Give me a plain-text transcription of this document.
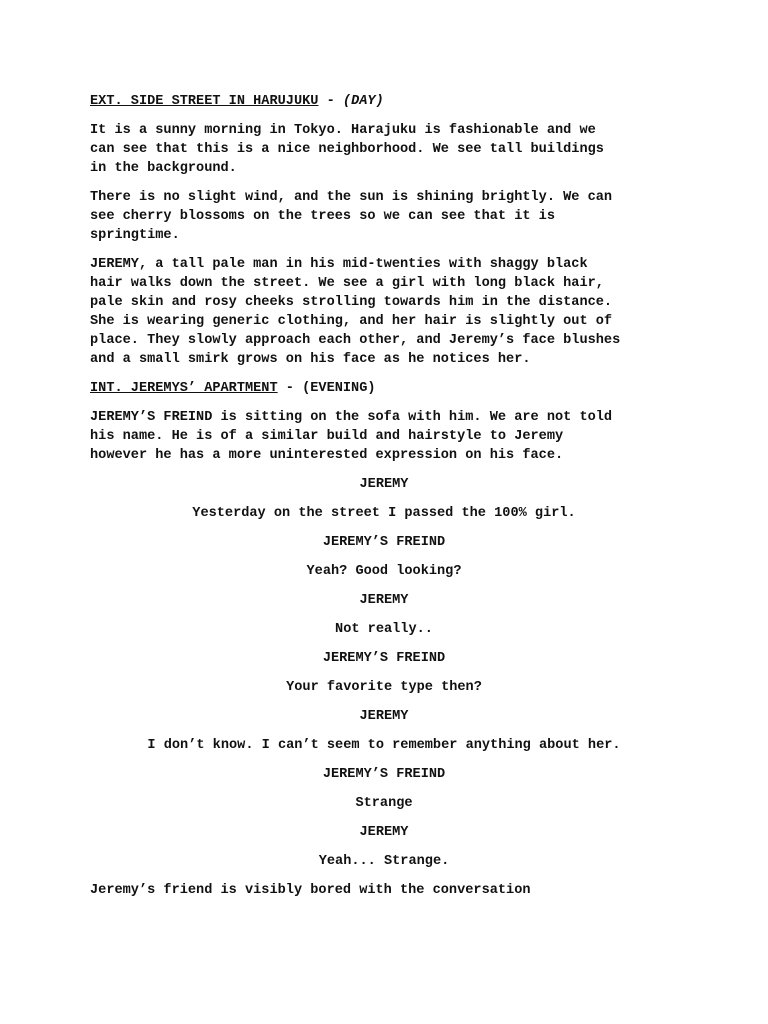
EXT. SIDE STREET IN HARUJUKU - (DAY)

It is a sunny morning in Tokyo. Harajuku is fashionable and we
can see that this is a nice neighborhood. We see tall buildings
in the background.

There is no slight wind, and the sun is shining brightly. We can
see cherry blossoms on the trees so we can see that it is
springtime.

JEREMY, a tall pale man in his mid-twenties with shaggy black
hair walks down the street. We see a girl with long black hair,
pale skin and rosy cheeks strolling towards him in the distance.
She is wearing generic clothing, and her hair is slightly out of
place. They slowly approach each other, and Jeremy’s face blushes
and a small smirk grows on his face as he notices her.

INT. JEREMYS’ APARTMENT - (EVENING)

JEREMY’S FREIND is sitting on the sofa with him. We are not told
his name. He is of a similar build and hairstyle to Jeremy
however he has a more uninterested expression on his face.

JEREMY

Yesterday on the street I passed the 100% girl.

JEREMY’S FREIND

Yeah? Good looking?

JEREMY

Not really..

JEREMY’S FREIND

Your favorite type then?

JEREMY

I don’t know. I can’t seem to remember anything about her.

JEREMY’S FREIND

Strange

JEREMY

Yeah... Strange.

Jeremy’s friend is visibly bored with the conversation
